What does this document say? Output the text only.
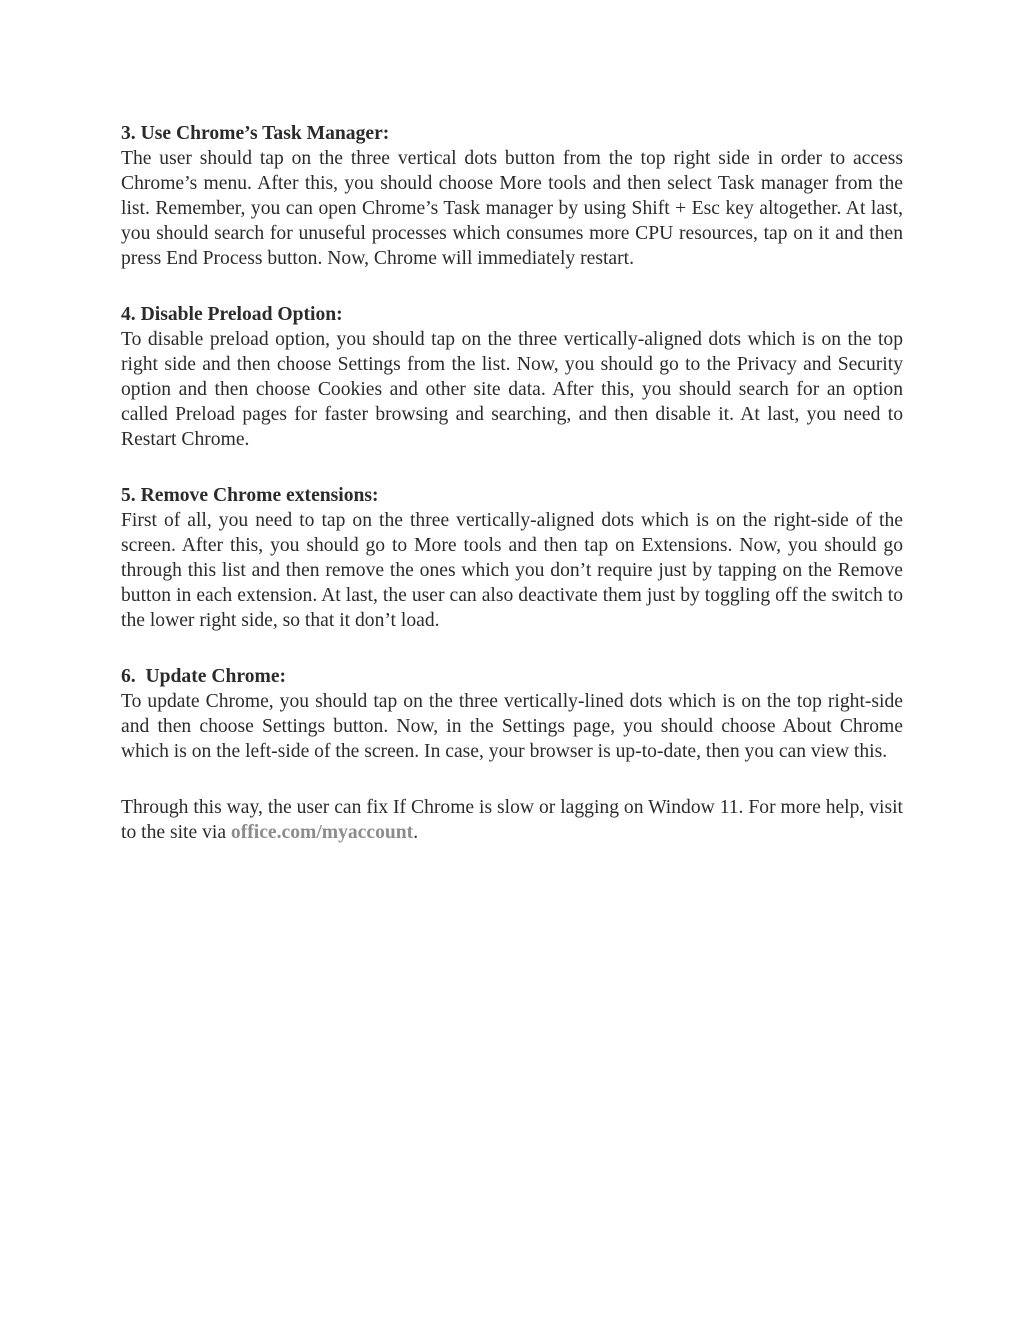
3. Use Chrome’s Task Manager:

The user should tap on the three vertical dots button from the top right side in order to access Chrome’s menu. After this, you should choose More tools and then select Task manager from the list. Remember, you can open Chrome’s Task manager by using Shift + Esc key altogether. At last, you should search for unuseful processes which consumes more CPU resources, tap on it and then press End Process button. Now, Chrome will immediately restart.

4. Disable Preload Option:

To disable preload option, you should tap on the three vertically-aligned dots which is on the top right side and then choose Settings from the list. Now, you should go to the Privacy and Security option and then choose Cookies and other site data. After this, you should search for an option called Preload pages for faster browsing and searching, and then disable it. At last, you need to Restart Chrome.

5. Remove Chrome extensions:

First of all, you need to tap on the three vertically-aligned dots which is on the right-side of the screen. After this, you should go to More tools and then tap on Extensions. Now, you should go through this list and then remove the ones which you don’t require just by tapping on the Remove button in each extension. At last, the user can also deactivate them just by toggling off the switch to the lower right side, so that it don’t load.

6.  Update Chrome:

To update Chrome, you should tap on the three vertically-lined dots which is on the top right-side and then choose Settings button. Now, in the Settings page, you should choose About Chrome which is on the left-side of the screen. In case, your browser is up-to-date, then you can view this.

Through this way, the user can fix If Chrome is slow or lagging on Window 11. For more help, visit to the site via office.com/myaccount.
